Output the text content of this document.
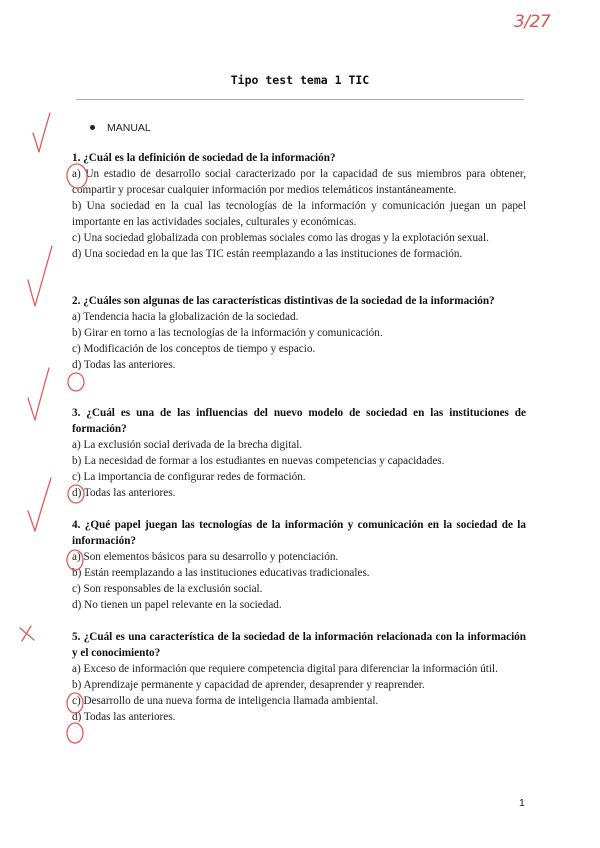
3/27
Tipo test tema 1 TIC
MANUAL
1. ¿Cuál es la definición de sociedad de la información?
a) Un estadio de desarrollo social caracterizado por la capacidad de sus miembros para obtener, compartir y procesar cualquier información por medios telemáticos instantáneamente.
b) Una sociedad en la cual las tecnologías de la información y comunicación juegan un papel importante en las actividades sociales, culturales y económicas.
c) Una sociedad globalizada con problemas sociales como las drogas y la explotación sexual.
d) Una sociedad en la que las TIC están reemplazando a las instituciones de formación.
2. ¿Cuáles son algunas de las características distintivas de la sociedad de la información?
a) Tendencia hacia la globalización de la sociedad.
b) Girar en torno a las tecnologías de la información y comunicación.
c) Modificación de los conceptos de tiempo y espacio.
d) Todas las anteriores.
3. ¿Cuál es una de las influencias del nuevo modelo de sociedad en las instituciones de formación?
a) La exclusión social derivada de la brecha digital.
b) La necesidad de formar a los estudiantes en nuevas competencias y capacidades.
c) La importancia de configurar redes de formación.
d) Todas las anteriores.
4. ¿Qué papel juegan las tecnologías de la información y comunicación en la sociedad de la información?
a) Son elementos básicos para su desarrollo y potenciación.
b) Están reemplazando a las instituciones educativas tradicionales.
c) Son responsables de la exclusión social.
d) No tienen un papel relevante en la sociedad.
5. ¿Cuál es una característica de la sociedad de la información relacionada con la información y el conocimiento?
a) Exceso de información que requiere competencia digital para diferenciar la información útil.
b) Aprendizaje permanente y capacidad de aprender, desaprender y reaprender.
c) Desarrollo de una nueva forma de inteligencia llamada ambiental.
d) Todas las anteriores.
1
